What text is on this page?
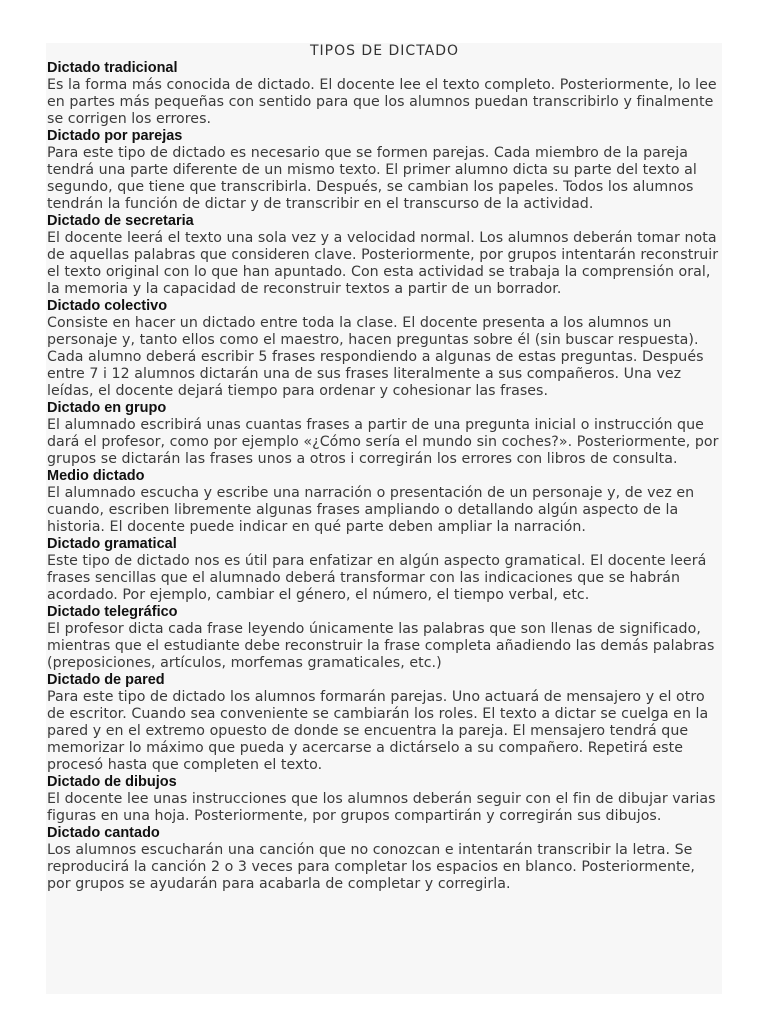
TIPOS DE DICTADO

Dictado tradicional

Es la forma más conocida de dictado. El docente lee el texto completo. Posteriormente, lo lee en partes más pequeñas con sentido para que los alumnos puedan transcribirlo y finalmente se corrigen los errores.

Dictado por parejas

Para este tipo de dictado es necesario que se formen parejas. Cada miembro de la pareja tendrá una parte diferente de un mismo texto. El primer alumno dicta su parte del texto al segundo, que tiene que transcribirla. Después, se cambian los papeles. Todos los alumnos tendrán la función de dictar y de transcribir en el transcurso de la actividad.

Dictado de secretaria

El docente leerá el texto una sola vez y a velocidad normal. Los alumnos deberán tomar nota de aquellas palabras que consideren clave. Posteriormente, por grupos intentarán reconstruir el texto original con lo que han apuntado. Con esta actividad se trabaja la comprensión oral, la memoria y la capacidad de reconstruir textos a partir de un borrador.

Dictado colectivo

Consiste en hacer un dictado entre toda la clase. El docente presenta a los alumnos un personaje y, tanto ellos como el maestro, hacen preguntas sobre él (sin buscar respuesta). Cada alumno deberá escribir 5 frases respondiendo a algunas de estas preguntas. Después entre 7 i 12 alumnos dictarán una de sus frases literalmente a sus compañeros. Una vez leídas, el docente dejará tiempo para ordenar y cohesionar las frases.

Dictado en grupo

El alumnado escribirá unas cuantas frases a partir de una pregunta inicial o instrucción que dará el profesor, como por ejemplo «¿Cómo sería el mundo sin coches?». Posteriormente, por grupos se dictarán las frases unos a otros i corregirán los errores con libros de consulta.

Medio dictado

El alumnado escucha y escribe una narración o presentación de un personaje y, de vez en cuando, escriben libremente algunas frases ampliando o detallando algún aspecto de la historia. El docente puede indicar en qué parte deben ampliar la narración.

Dictado gramatical

Este tipo de dictado nos es útil para enfatizar en algún aspecto gramatical. El docente leerá frases sencillas que el alumnado deberá transformar con las indicaciones que se habrán acordado. Por ejemplo, cambiar el género, el número, el tiempo verbal, etc.

Dictado telegráfico

El profesor dicta cada frase leyendo únicamente las palabras que son llenas de significado, mientras que el estudiante debe reconstruir la frase completa añadiendo las demás palabras (preposiciones, artículos, morfemas gramaticales, etc.)

Dictado de pared

Para este tipo de dictado los alumnos formarán parejas. Uno actuará de mensajero y el otro de escritor. Cuando sea conveniente se cambiarán los roles. El texto a dictar se cuelga en la pared y en el extremo opuesto de donde se encuentra la pareja. El mensajero tendrá que memorizar lo máximo que pueda y acercarse a dictárselo a su compañero. Repetirá este procesó hasta que completen el texto.

Dictado de dibujos

El docente lee unas instrucciones que los alumnos deberán seguir con el fin de dibujar varias figuras en una hoja. Posteriormente, por grupos compartirán y corregirán sus dibujos.

Dictado cantado

Los alumnos escucharán una canción que no conozcan e intentarán transcribir la letra. Se reproducirá la canción 2 o 3 veces para completar los espacios en blanco. Posteriormente, por grupos se ayudarán para acabarla de completar y corregirla.
